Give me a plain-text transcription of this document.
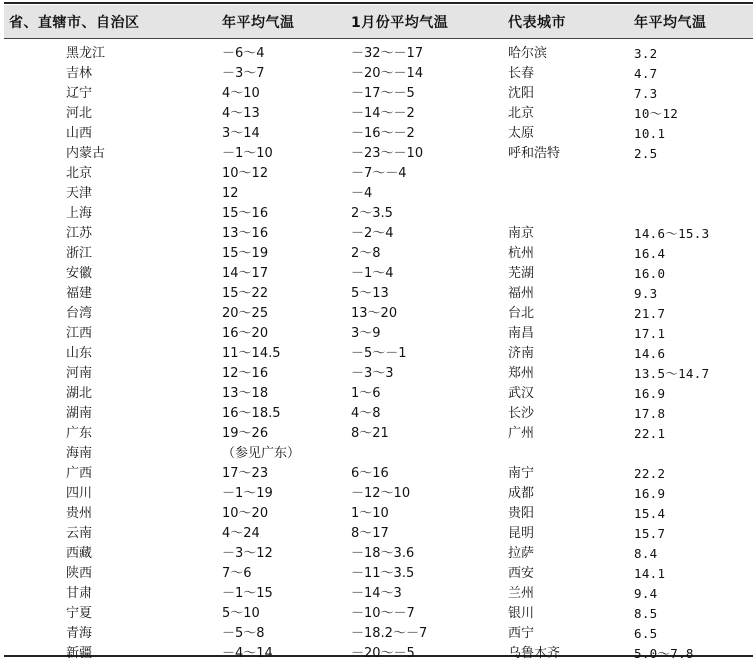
省、直辖市、自治区	年平均气温	1月份平均气温	代表城市	年平均气温
黑龙江	－6～4	－32～－17	哈尔滨	3.2
吉林	－3～7	－20～－14	长春	4.7
辽宁	4～10	－17～－5	沈阳	7.3
河北	4～13	－14～－2	北京	10～12
山西	3～14	－16～－2	太原	10.1
内蒙古	－1～10	－23～－10	呼和浩特	2.5
北京	10～12	－7～－4		
天津	12	－4		
上海	15～16	2～3.5		
江苏	13～16	－2～4	南京	14.6～15.3
浙江	15～19	2～8	杭州	16.4
安徽	14～17	－1～4	芜湖	16.0
福建	15～22	5～13	福州	9.3
台湾	20～25	13～20	台北	21.7
江西	16～20	3～9	南昌	17.1
山东	11～14.5	－5～－1	济南	14.6
河南	12～16	－3～3	郑州	13.5～14.7
湖北	13～18	1～6	武汉	16.9
湖南	16～18.5	4～8	长沙	17.8
广东	19～26	8～21	广州	22.1
海南	（参见广东）			
广西	17～23	6～16	南宁	22.2
四川	－1～19	－12～10	成都	16.9
贵州	10～20	1～10	贵阳	15.4
云南	4～24	8～17	昆明	15.7
西藏	－3～12	－18～3.6	拉萨	8.4
陕西	7～6	－11～3.5	西安	14.1
甘肃	－1～15	－14～3	兰州	9.4
宁夏	5～10	－10～－7	银川	8.5
青海	－5～8	－18.2～－7	西宁	6.5
新疆	－4～14	－20～－5	乌鲁木齐	5.0～7.8
